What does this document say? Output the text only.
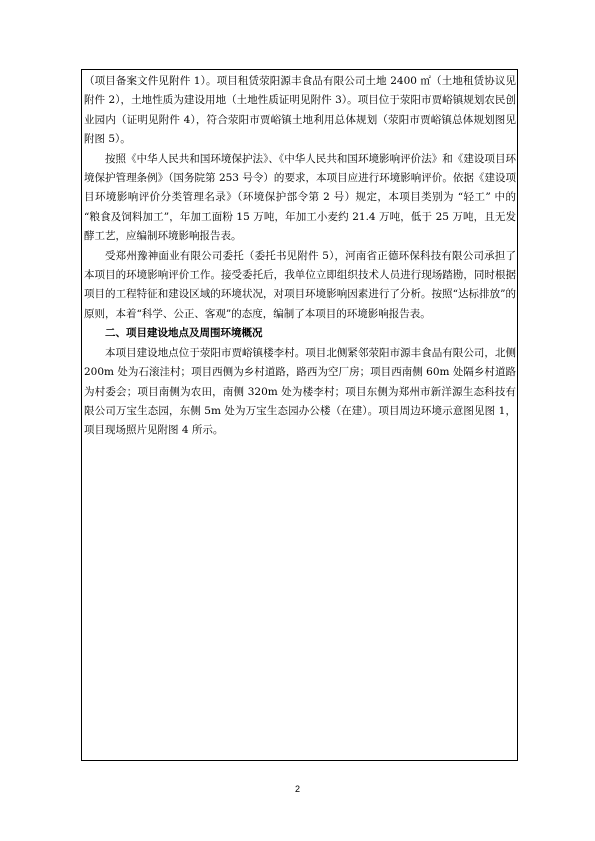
（项目备案文件见附件 1）。项目租赁荥阳源丰食品有限公司土地 2400 ㎡（土地租赁协议见附件 2），土地性质为建设用地（土地性质证明见附件 3）。项目位于荥阳市贾峪镇规划农民创业园内（证明见附件 4），符合荥阳市贾峪镇土地利用总体规划（荥阳市贾峪镇总体规划图见附图 5）。

按照《中华人民共和国环境保护法》、《中华人民共和国环境影响评价法》和《建设项目环境保护管理条例》（国务院第 253 号令）的要求，本项目应进行环境影响评价。依据《建设项目环境影响评价分类管理名录》（环境保护部令第 2 号）规定，本项目类别为 “轻工” 中的 “粮食及饲料加工”，年加工面粉 15 万吨，年加工小麦约 21.4 万吨，低于 25 万吨，且无发酵工艺，应编制环境影响报告表。

受郑州豫神面业有限公司委托（委托书见附件 5），河南省正德环保科技有限公司承担了本项目的环境影响评价工作。接受委托后，我单位立即组织技术人员进行现场踏勘，同时根据项目的工程特征和建设区域的环境状况，对项目环境影响因素进行了分析。按照“达标排放”的原则，本着“科学、公正、客观”的态度，编制了本项目的环境影响报告表。

二、项目建设地点及周围环境概况

本项目建设地点位于荥阳市贾峪镇楼李村。项目北侧紧邻荥阳市源丰食品有限公司，北侧 200m 处为石滚洼村；项目西侧为乡村道路，路西为空厂房；项目西南侧 60m 处隔乡村道路为村委会；项目南侧为农田，南侧 320m 处为楼李村；项目东侧为郑州市新洋源生态科技有限公司万宝生态园，东侧 5m 处为万宝生态园办公楼（在建）。项目周边环境示意图见图 1，项目现场照片见附图 4 所示。

2
